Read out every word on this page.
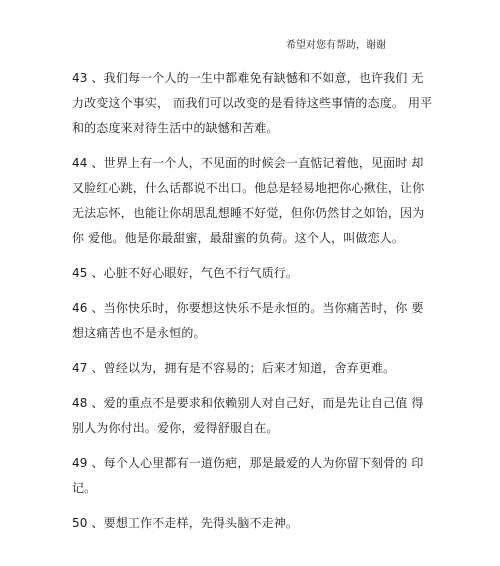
希望对您有帮助，谢谢

43 、我们每一个人的一生中都难免有缺憾和不如意，也许我们 无力改变这个事实， 而我们可以改变的是看待这些事情的态度。 用平 和的态度来对待生活中的缺憾和苦难。

44 、世界上有一个人，不见面的时候会一直惦记着他，见面时 却又脸红心跳，什么话都说不出口。他总是轻易地把你心揪住，让你 无法忘怀，也能让你胡思乱想睡不好觉，但你仍然甘之如饴，因为你 爱他。他是你最甜蜜，最甜蜜的负荷。这个人，叫做恋人。

45 、心脏不好心眼好，气色不行气质行。

46 、当你快乐时，你要想这快乐不是永恒的。当你痛苦时，你 要想这痛苦也不是永恒的。

47 、曾经以为，拥有是不容易的；后来才知道，舍弃更难。

48 、爱的重点不是要求和依赖别人对自己好，而是先让自己值 得别人为你付出。爱你，爱得舒服自在。

49 、每个人心里都有一道伤疤，那是最爱的人为你留下刻骨的 印记。

50 、要想工作不走样，先得头脑不走神。
